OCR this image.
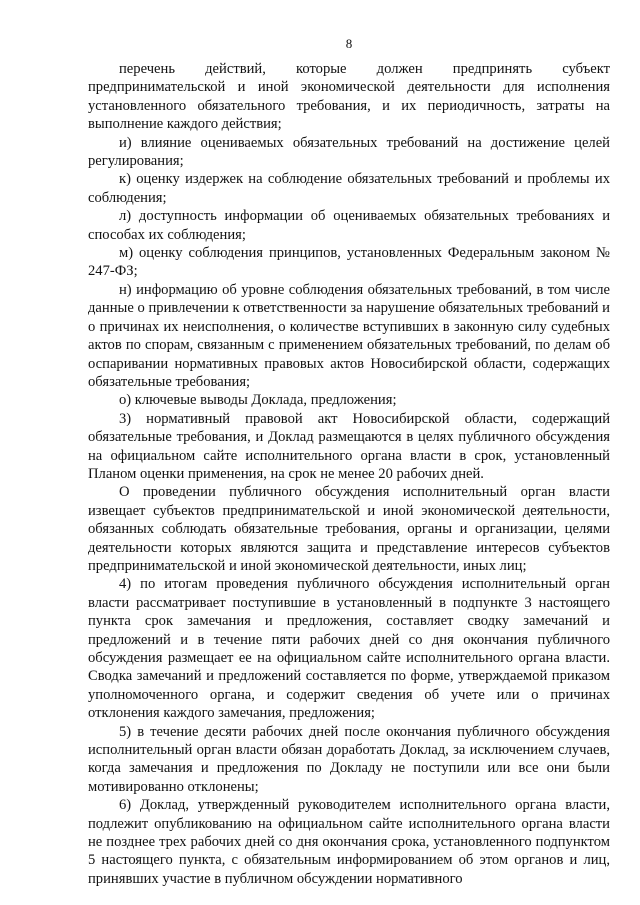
8

перечень действий, которые должен предпринять субъект предпринимательской и иной экономической деятельности для исполнения установленного обязательного требования, и их периодичность, затраты на выполнение каждого действия;

и) влияние оцениваемых обязательных требований на достижение целей регулирования;

к) оценку издержек на соблюдение обязательных требований и проблемы их соблюдения;

л) доступность информации об оцениваемых обязательных требованиях и способах их соблюдения;

м) оценку соблюдения принципов, установленных Федеральным законом № 247-ФЗ;

н) информацию об уровне соблюдения обязательных требований, в том числе данные о привлечении к ответственности за нарушение обязательных требований и о причинах их неисполнения, о количестве вступивших в законную силу судебных актов по спорам, связанным с применением обязательных требований, по делам об оспаривании нормативных правовых актов Новосибирской области, содержащих обязательные требования;

о) ключевые выводы Доклада, предложения;

3) нормативный правовой акт Новосибирской области, содержащий обязательные требования, и Доклад размещаются в целях публичного обсуждения на официальном сайте исполнительного органа власти в срок, установленный Планом оценки применения, на срок не менее 20 рабочих дней.

О проведении публичного обсуждения исполнительный орган власти извещает субъектов предпринимательской и иной экономической деятельности, обязанных соблюдать обязательные требования, органы и организации, целями деятельности которых являются защита и представление интересов субъектов предпринимательской и иной экономической деятельности, иных лиц;

4) по итогам проведения публичного обсуждения исполнительный орган власти рассматривает поступившие в установленный в подпункте 3 настоящего пункта срок замечания и предложения, составляет сводку замечаний и предложений и в течение пяти рабочих дней со дня окончания публичного обсуждения размещает ее на официальном сайте исполнительного органа власти. Сводка замечаний и предложений составляется по форме, утверждаемой приказом уполномоченного органа, и содержит сведения об учете или о причинах отклонения каждого замечания, предложения;

5) в течение десяти рабочих дней после окончания публичного обсуждения исполнительный орган власти обязан доработать Доклад, за исключением случаев, когда замечания и предложения по Докладу не поступили или все они были мотивированно отклонены;

6) Доклад, утвержденный руководителем исполнительного органа власти, подлежит опубликованию на официальном сайте исполнительного органа власти не позднее трех рабочих дней со дня окончания срока, установленного подпунктом 5 настоящего пункта, с обязательным информированием об этом органов и лиц, принявших участие в публичном обсуждении нормативного
